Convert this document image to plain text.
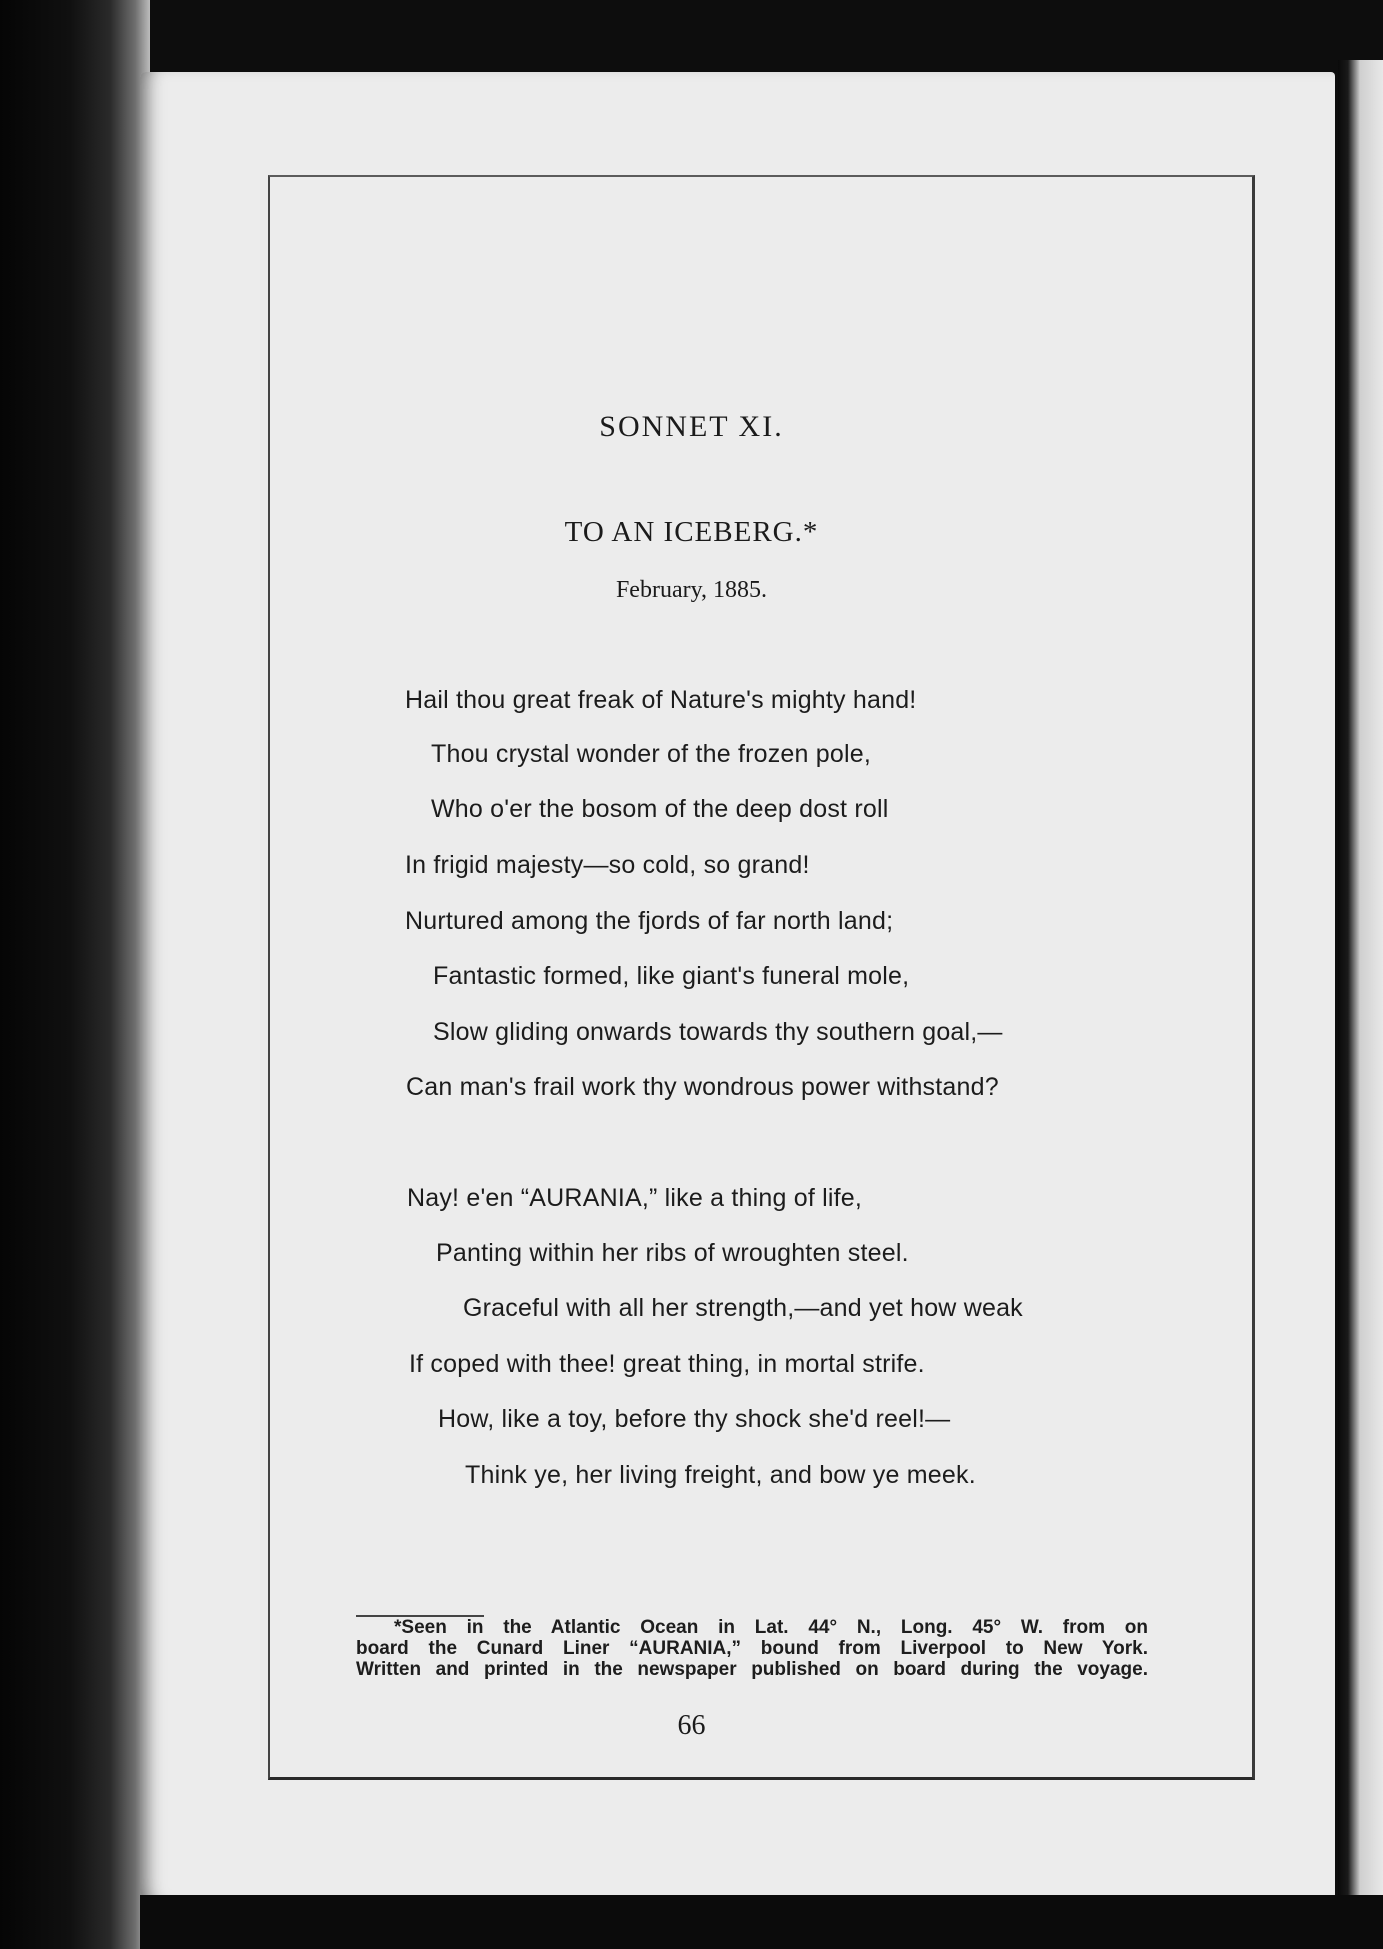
SONNET XI.
TO AN ICEBERG.*
February, 1885.
Hail thou great freak of Nature's mighty hand!
Thou crystal wonder of the frozen pole,
Who o'er the bosom of the deep dost roll
In frigid majesty—so cold, so grand!
Nurtured among the fjords of far north land;
Fantastic formed, like giant's funeral mole,
Slow gliding onwards towards thy southern goal,—
Can man's frail work thy wondrous power withstand?
Nay! e'en “AURANIA,” like a thing of life,
Panting within her ribs of wroughten steel.
Graceful with all her strength,—and yet how weak
If coped with thee! great thing, in mortal strife.
How, like a toy, before thy shock she'd reel!—
Think ye, her living freight, and bow ye meek.
*Seen in the Atlantic Ocean in Lat. 44° N., Long. 45° W. from on
board the Cunard Liner “AURANIA,” bound from Liverpool to New York.
Written and printed in the newspaper published on board during the voyage.
66
